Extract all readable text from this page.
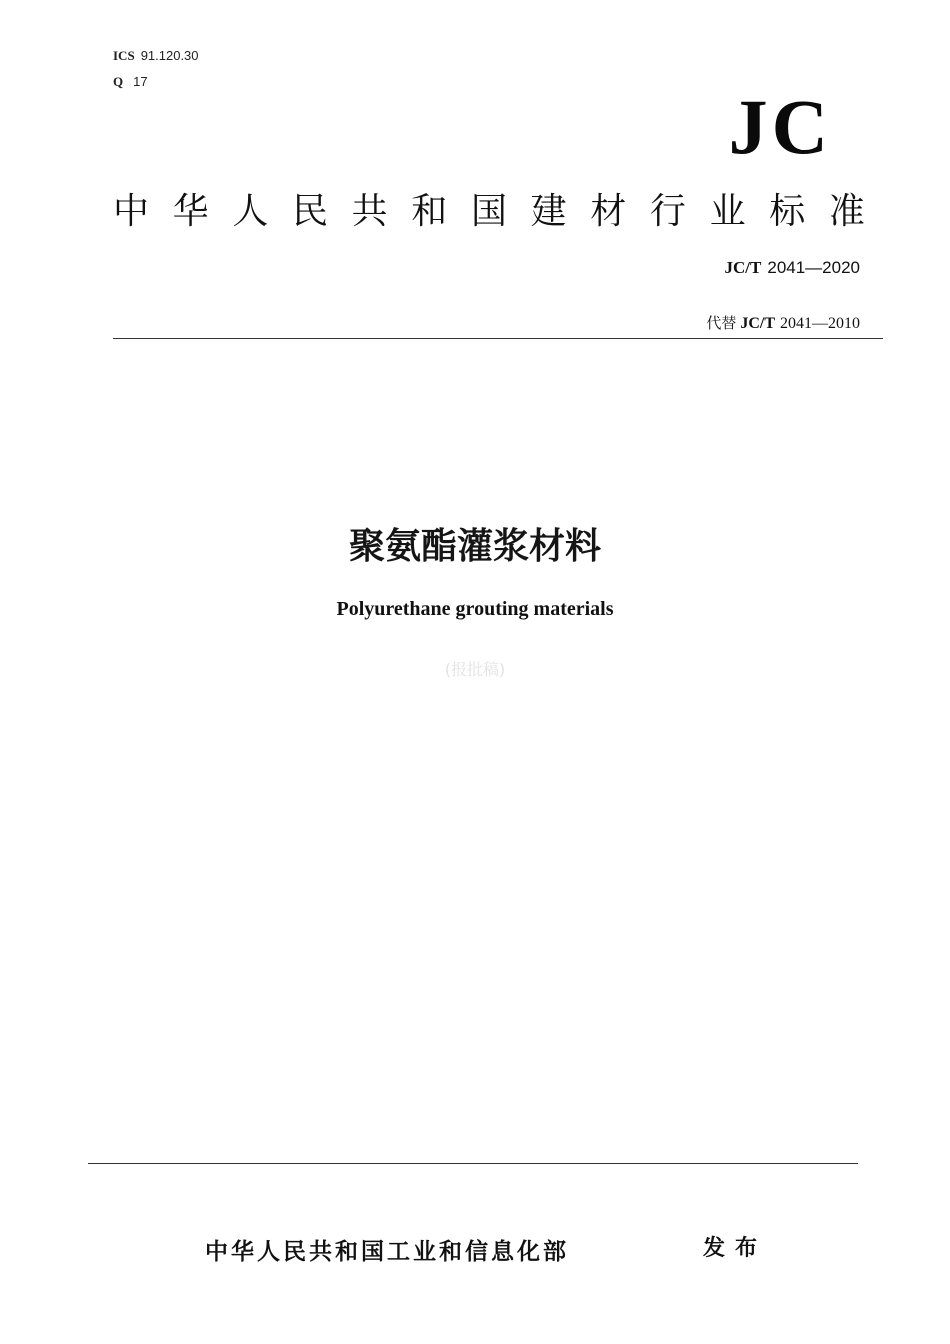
ICS 91.120.30
Q 17
JC
中 华 人 民 共 和 国 建 材 行 业 标 准
JC/T 2041—2020
代替 JC/T 2041—2010
聚氨酯灌浆材料
Polyurethane grouting materials
(报批稿)
中华人民共和国工业和信息化部	发布
